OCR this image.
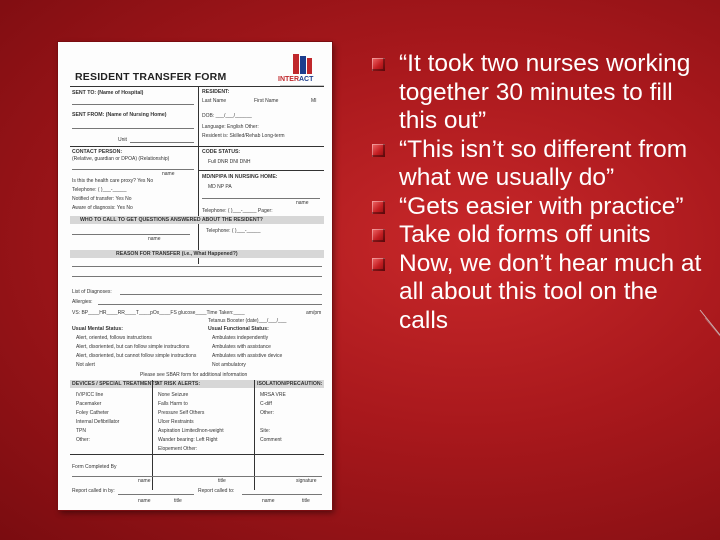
INTERACT
RESIDENT TRANSFER FORM
SENT TO: (Name of Hospital)
SENT FROM: (Name of Nursing Home)
Unit
RESIDENT:
Last Name	First Name	MI
DOB: ___/___/______
Language: English Other:
Resident is: Skilled/Rehab Long-term
CONTACT PERSON:
(Relative, guardian or DPOA) (Relationship)
name
Is this the health care proxy? Yes No
Telephone: ( )___-_____
Notified of transfer: Yes No
Aware of diagnosis: Yes No
CODE STATUS:
Full DNR DNI DNH
MD/NP/PA IN NURSING HOME:
MD NP PA
name
Telephone: ( )___-_____ Pager:
WHO TO CALL TO GET QUESTIONS ANSWERED ABOUT THE RESIDENT?
name
Telephone: ( )___-_____
REASON FOR TRANSFER (i.e., What Happened?)
List of Diagnoses:
Allergies:
VS: BP____HR____RR____T____pOx____FS glucose____Time Taken:____	am/pm
Tetanus Booster (date)___/___/___
Usual Mental Status:
Alert, oriented, follows instructions
Alert, disoriented, but can follow simple instructions
Alert, disoriented, but cannot follow simple instructions
Not alert
Usual Functional Status:
Ambulates independently
Ambulates with assistance
Ambulates with assistive device
Not ambulatory
Please see SBAR form for additional information
DEVICES / SPECIAL TREATMENTS:
AT RISK ALERTS:	ISOLATION/PRECAUTION:
IV/PICC line
Pacemaker
Foley Catheter
Internal Defibrillator
TPN
Other:
None Seizure
Falls Harm to
Pressure Self Others
Ulcer Restraints
Aspiration Limited/non-weight
Wander bearing: Left Right
Elopement Other:
MRSA VRE
C-diff
Other:
Site:
Comment
Form Completed By
name	title	signature
Report called in by:	Report called to:
name	title	name	title

“It took two nurses working together 30 minutes to fill this out”

“This isn’t so different from what we usually do”

“Gets easier with practice”

Take old forms off units

Now, we don’t hear much at all about this tool on the calls
